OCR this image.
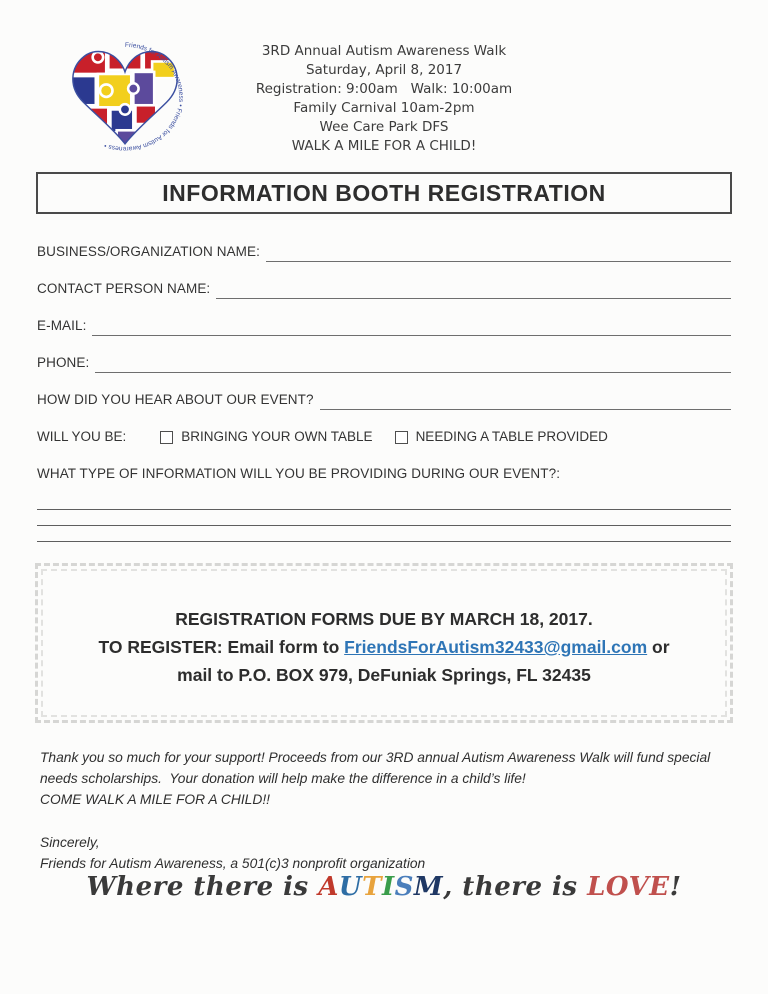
Friends for Autism Awareness • Friends for Autism Awareness •
3RD Annual Autism Awareness Walk
Saturday, April 8, 2017
Registration: 9:00am   Walk: 10:00am
Family Carnival 10am-2pm
Wee Care Park DFS
WALK A MILE FOR A CHILD!
INFORMATION BOOTH REGISTRATION
BUSINESS/ORGANIZATION NAME:
CONTACT PERSON NAME:
E-MAIL:
PHONE:
HOW DID YOU HEAR ABOUT OUR EVENT?
WILL YOU BE:	BRINGING YOUR OWN TABLE	NEEDING A TABLE PROVIDED
WHAT TYPE OF INFORMATION WILL YOU BE PROVIDING DURING OUR EVENT?:
REGISTRATION FORMS DUE BY MARCH 18, 2017.
TO REGISTER: Email form to FriendsForAutism32433@gmail.com or
mail to P.O. BOX 979, DeFuniak Springs, FL 32435
Thank you so much for your support! Proceeds from our 3RD annual Autism Awareness Walk will fund special needs scholarships.  Your donation will help make the difference in a child’s life!
COME WALK A MILE FOR A CHILD!!
Sincerely,
Friends for Autism Awareness, a 501(c)3 nonprofit organization
Where there is AUTISM, there is LOVE!
